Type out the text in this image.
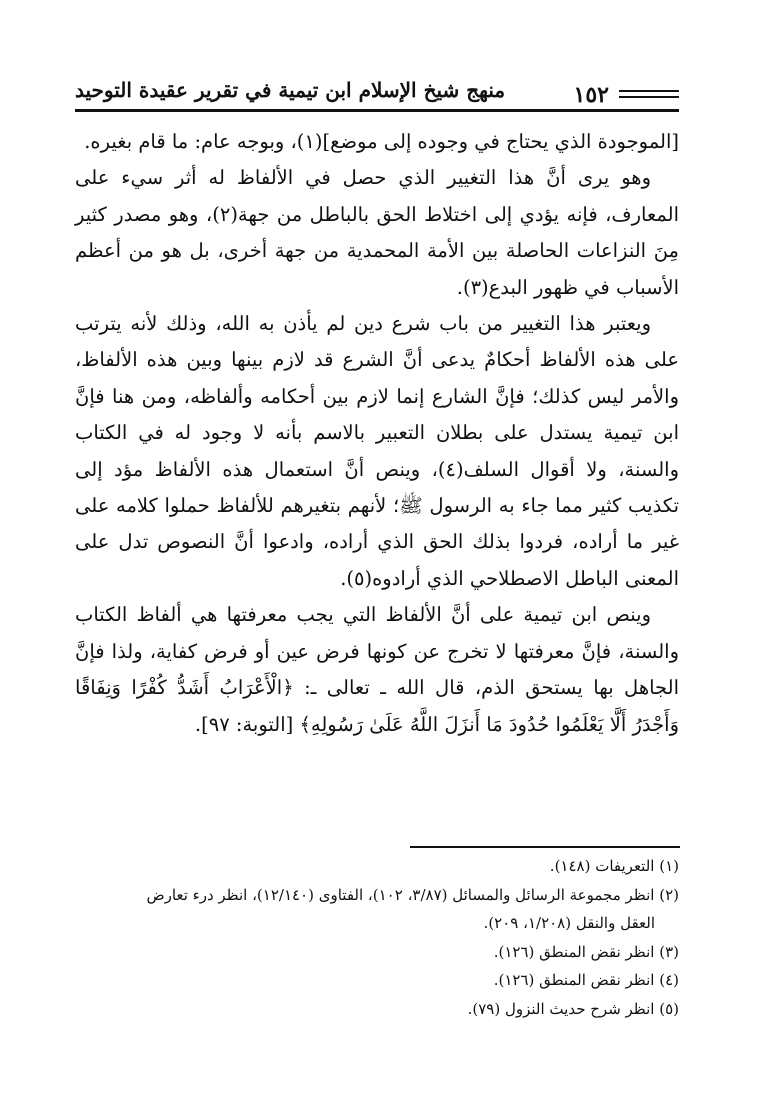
منهج شيخ الإسلام ابن تيمية في تقرير عقيدة التوحيد	١٥٢

[الموجودة الذي يحتاج في وجوده إلى موضع](١)، وبوجه عام: ما قام بغيره.

وهو يرى أنَّ هذا التغيير الذي حصل في الألفاظ له أثر سيء على المعارف، فإنه يؤدي إلى اختلاط الحق بالباطل من جهة(٢)، وهو مصدر كثير مِنَ النزاعات الحاصلة بين الأمة المحمدية من جهة أخرى، بل هو من أعظم الأسباب في ظهور البدع(٣).

ويعتبر هذا التغيير من باب شرع دين لم يأذن به الله، وذلك لأنه يترتب على هذه الألفاظ أحكامٌ يدعى أنَّ الشرع قد لازم بينها وبين هذه الألفاظ، والأمر ليس كذلك؛ فإنَّ الشارع إنما لازم بين أحكامه وألفاظه، ومن هنا فإنَّ ابن تيمية يستدل على بطلان التعبير بالاسم بأنه لا وجود له في الكتاب والسنة، ولا أقوال السلف(٤)، وينص أنَّ استعمال هذه الألفاظ مؤد إلى تكذيب كثير مما جاء به الرسول ﷺ؛ لأنهم بتغيرهم للألفاظ حملوا كلامه على غير ما أراده، فردوا بذلك الحق الذي أراده، وادعوا أنَّ النصوص تدل على المعنى الباطل الاصطلاحي الذي أرادوه(٥).

وينص ابن تيمية على أنَّ الألفاظ التي يجب معرفتها هي ألفاظ الكتاب والسنة، فإنَّ معرفتها لا تخرج عن كونها فرض عين أو فرض كفاية، ولذا فإنَّ الجاهل بها يستحق الذم، قال الله ـ تعالى ـ: ﴿الْأَعْرَابُ أَشَدُّ كُفْرًا وَنِفَاقًا وَأَجْدَرُ أَلَّا يَعْلَمُوا حُدُودَ مَا أَنزَلَ اللَّهُ عَلَىٰ رَسُولِهِ﴾ [التوبة: ٩٧].

(١) التعريفات (١٤٨).

(٢) انظر مجموعة الرسائل والمسائل (٣/٨٧، ١٠٢)، الفتاوى (١٢/١٤٠)، انظر درء تعارض

العقل والنقل (١/٢٠٨، ٢٠٩).

(٣) انظر نقض المنطق (١٢٦).

(٤) انظر نقض المنطق (١٢٦).

(٥) انظر شرح حديث النزول (٧٩).
